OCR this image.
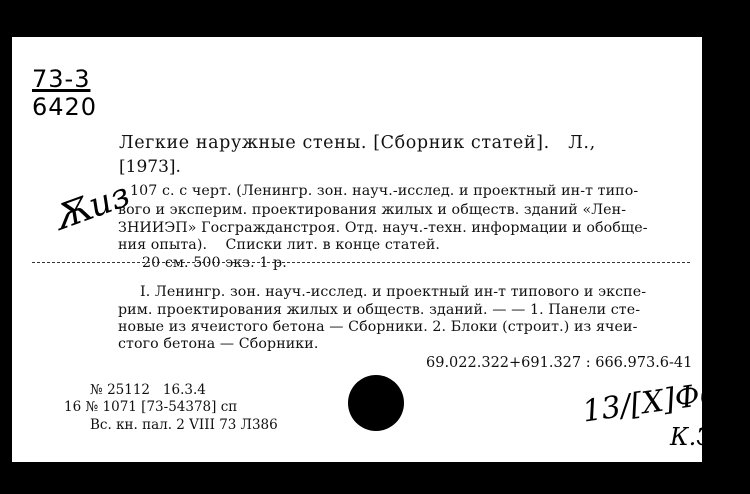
73-3
6420
Легкие наружные стены. [Сборник статей].   Л.,
[1973].
107 с. с черт. (Ленингр. зон. науч.-исслед. и проектный ин-т типо-
вого и эксперим. проектирования жилых и обществ. зданий «Лен-
ЗНИИЭП» Госгражданстроя. Отд. науч.-техн. информации и обобще-
ния опыта).    Списки лит. в конце статей.
20 см. 500 экз. 1 р.
I. Ленингр. зон. науч.-исслед. и проектный ин-т типового и экспе-
рим. проектирования жилых и обществ. зданий. — — 1. Панели сте-
новые из ячеистого бетона — Сборники. 2. Блоки (строит.) из ячеи-
стого бетона — Сборники.
69.022.322+691.327 : 666.973.6-41
№ 25112   16.3.4
16 № 1071 [73-54378] сп
Вс. кн. пал. 2 VIII 73 Л386
Ѫиз
13/[Х]Фви
К.Э
